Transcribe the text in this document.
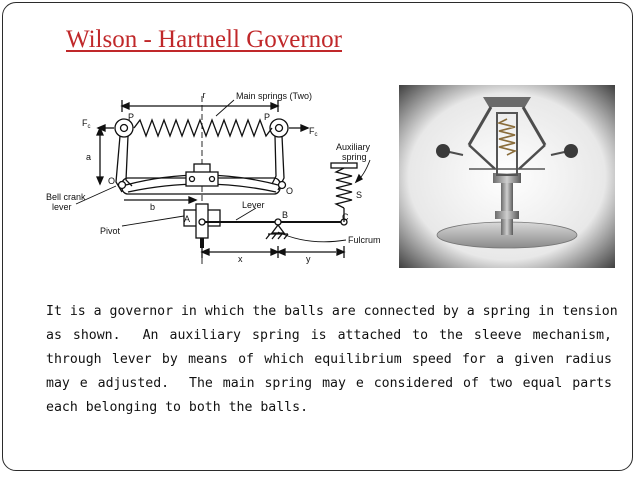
Wilson - Hartnell Governor
r	Main springs (Two)
P	P
$F_c$	$F_c$
a
b
O
O
Bell crank
lever
Pivot
A
Lever
B
Auxiliary
spring
S
C
Fulcrum
x	y
It is a governor in which the balls are connected by a spring in tension
as shown.  An auxiliary spring is attached to the sleeve mechanism,
through lever by means of which equilibrium speed for a given radius
may e adjusted.  The main spring may e considered of two equal parts
each belonging to both the balls.
